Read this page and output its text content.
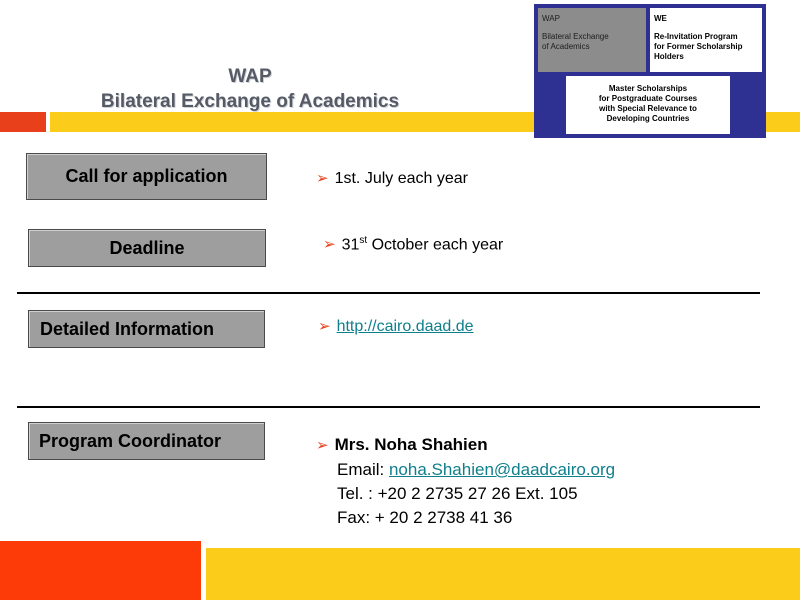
WAP
Bilateral Exchange of Academics
WAP
Bilateral Exchange
of Academics
WE
Re-Invitation Program
for Former Scholarship
Holders
Master Scholarships
for Postgraduate Courses
with Special Relevance to
Developing Countries
Call for application
Deadline
Detailed Information
Program Coordinator
➢ 1st. July each year
➢ 31st October each year
➢ http://cairo.daad.de
➢ Mrs. Noha Shahien
Email: noha.Shahien@daadcairo.org
Tel. : +20 2 2735 27 26 Ext. 105
Fax: + 20 2 2738 41 36
